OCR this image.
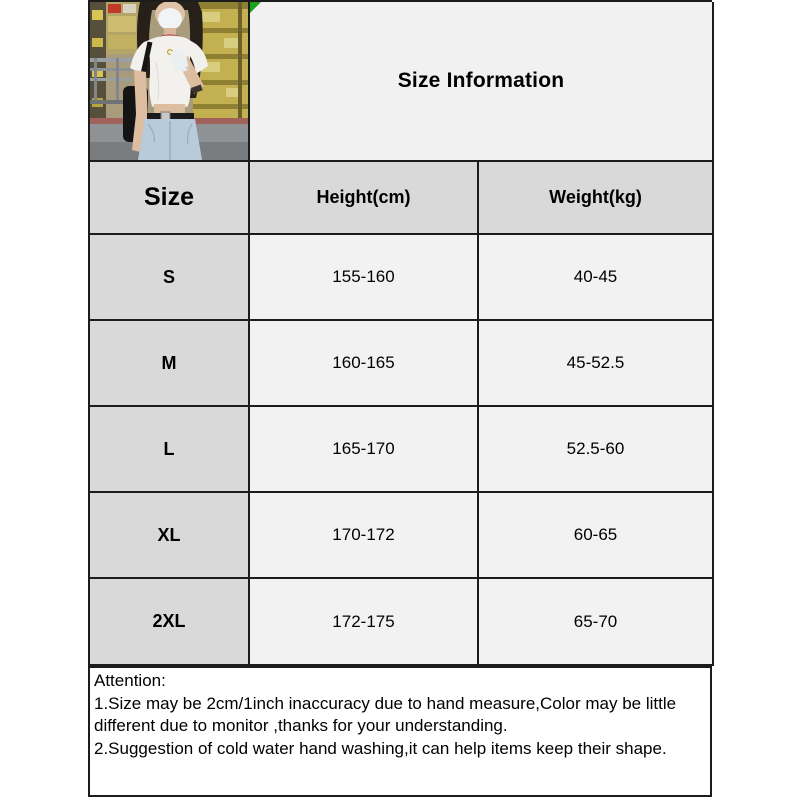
Size Information
Size	Height(cm)	Weight(kg)
S	155-160	40-45
M	160-165	45-52.5
L	165-170	52.5-60
XL	170-172	60-65
2XL	172-175	65-70
Attention:
1.Size may be 2cm/1inch inaccuracy due to hand measure,Color may be little
different due to monitor ,thanks for your understanding.
2.Suggestion of cold water hand washing,it can help items keep their shape.
